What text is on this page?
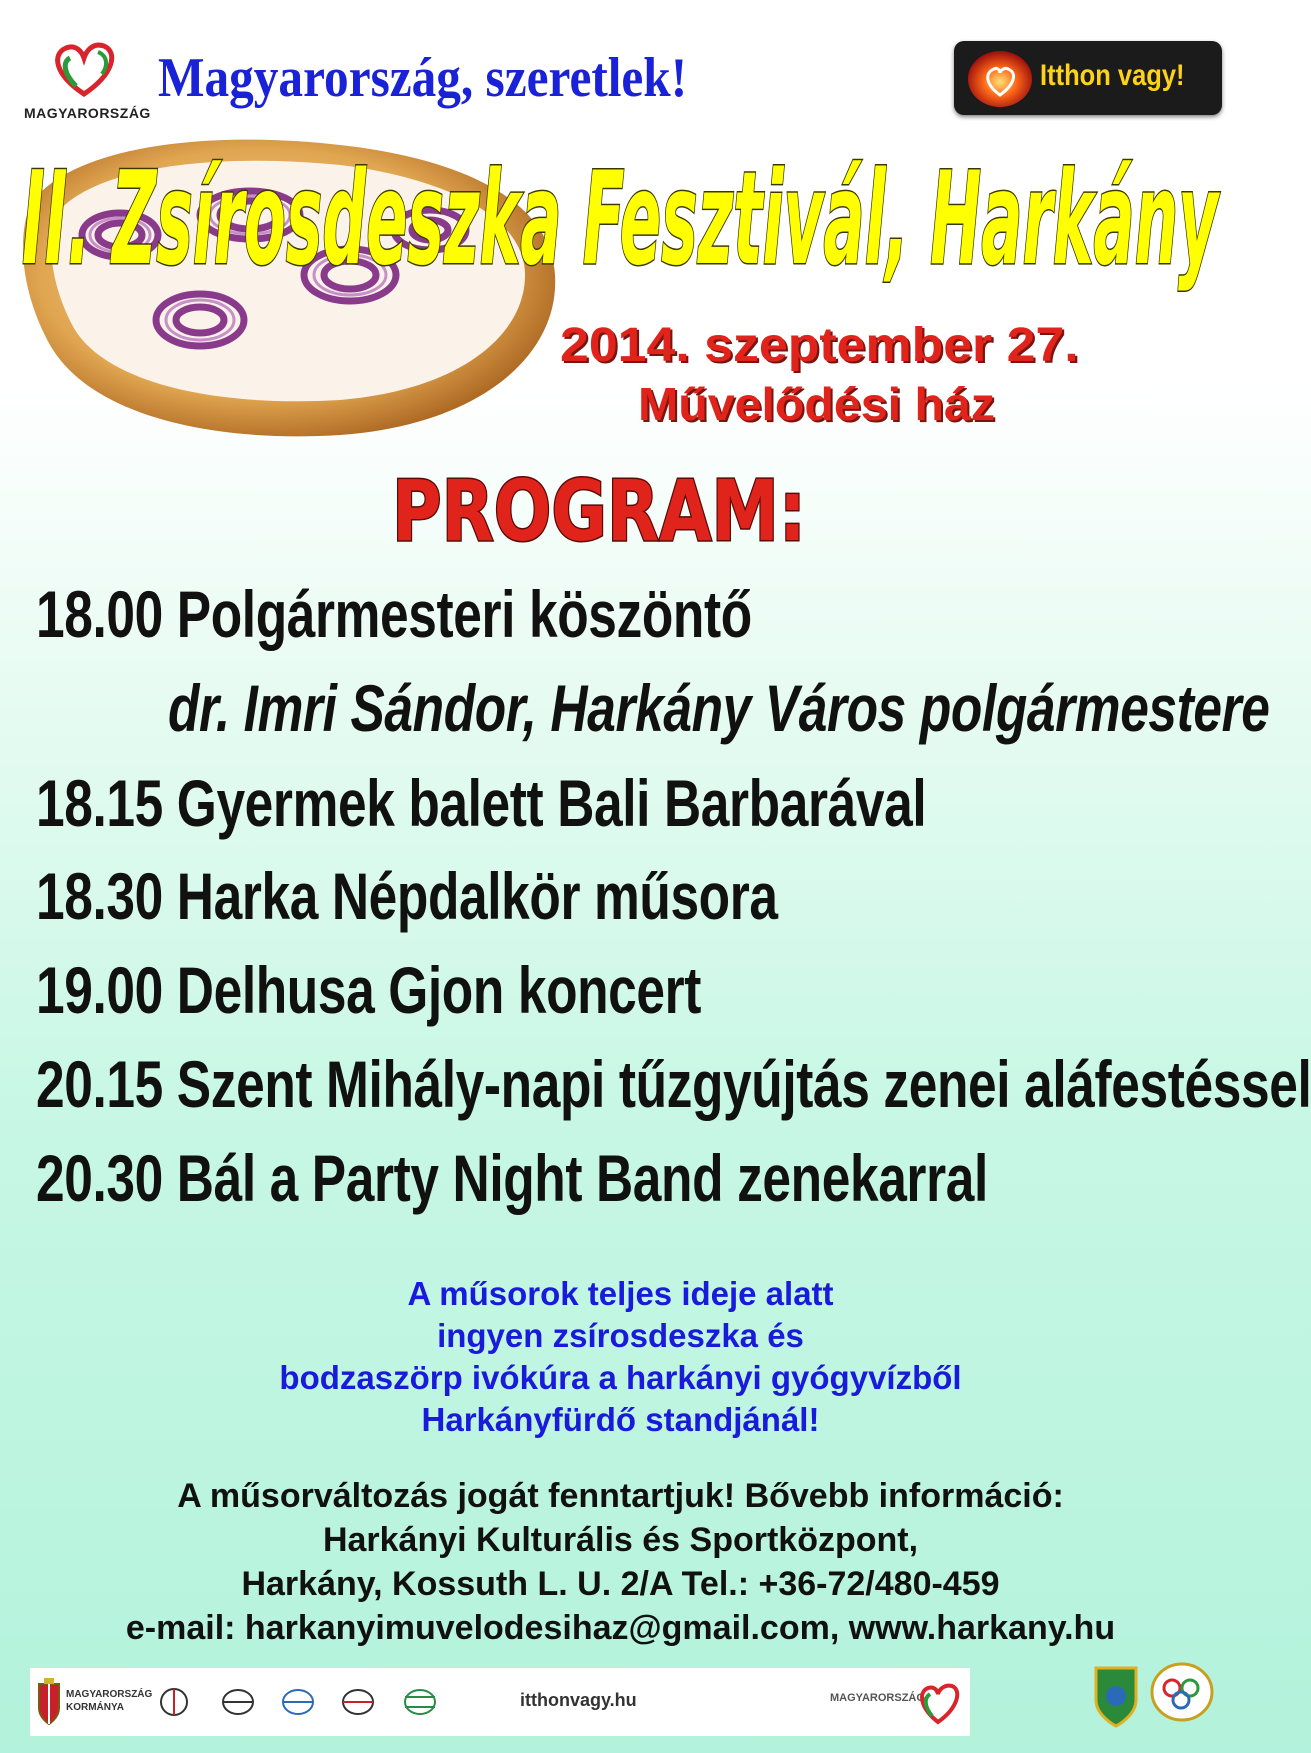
MAGYARORSZÁG
Magyarország, szeretlek!	Itthon vagy!
II. Zsírosdeszka Fesztivál, Harkány
2014. szeptember 27.
Művelődési ház
PROGRAM:
18.00 Polgármesteri köszöntő
dr. Imri Sándor, Harkány Város polgármestere
18.15 Gyermek balett Bali Barbarával
18.30 Harka Népdalkör műsora
19.00 Delhusa Gjon koncert
20.15 Szent Mihály-napi tűzgyújtás zenei aláfestéssel
20.30 Bál a Party Night Band zenekarral
A műsorok teljes ideje alatt
ingyen zsírosdeszka és
bodzaszörp ivókúra a harkányi gyógyvízből
Harkányfürdő standjánál!
A műsorváltozás jogát fenntartjuk! Bővebb információ:
Harkányi Kulturális és Sportközpont,
Harkány, Kossuth L. U. 2/A Tel.: +36-72/480-459
e-mail: harkanyimuvelodesihaz@gmail.com, www.harkany.hu
MAGYARORSZÁG KORMÁNYA	itthonvagy.hu	MAGYARORSZÁG
